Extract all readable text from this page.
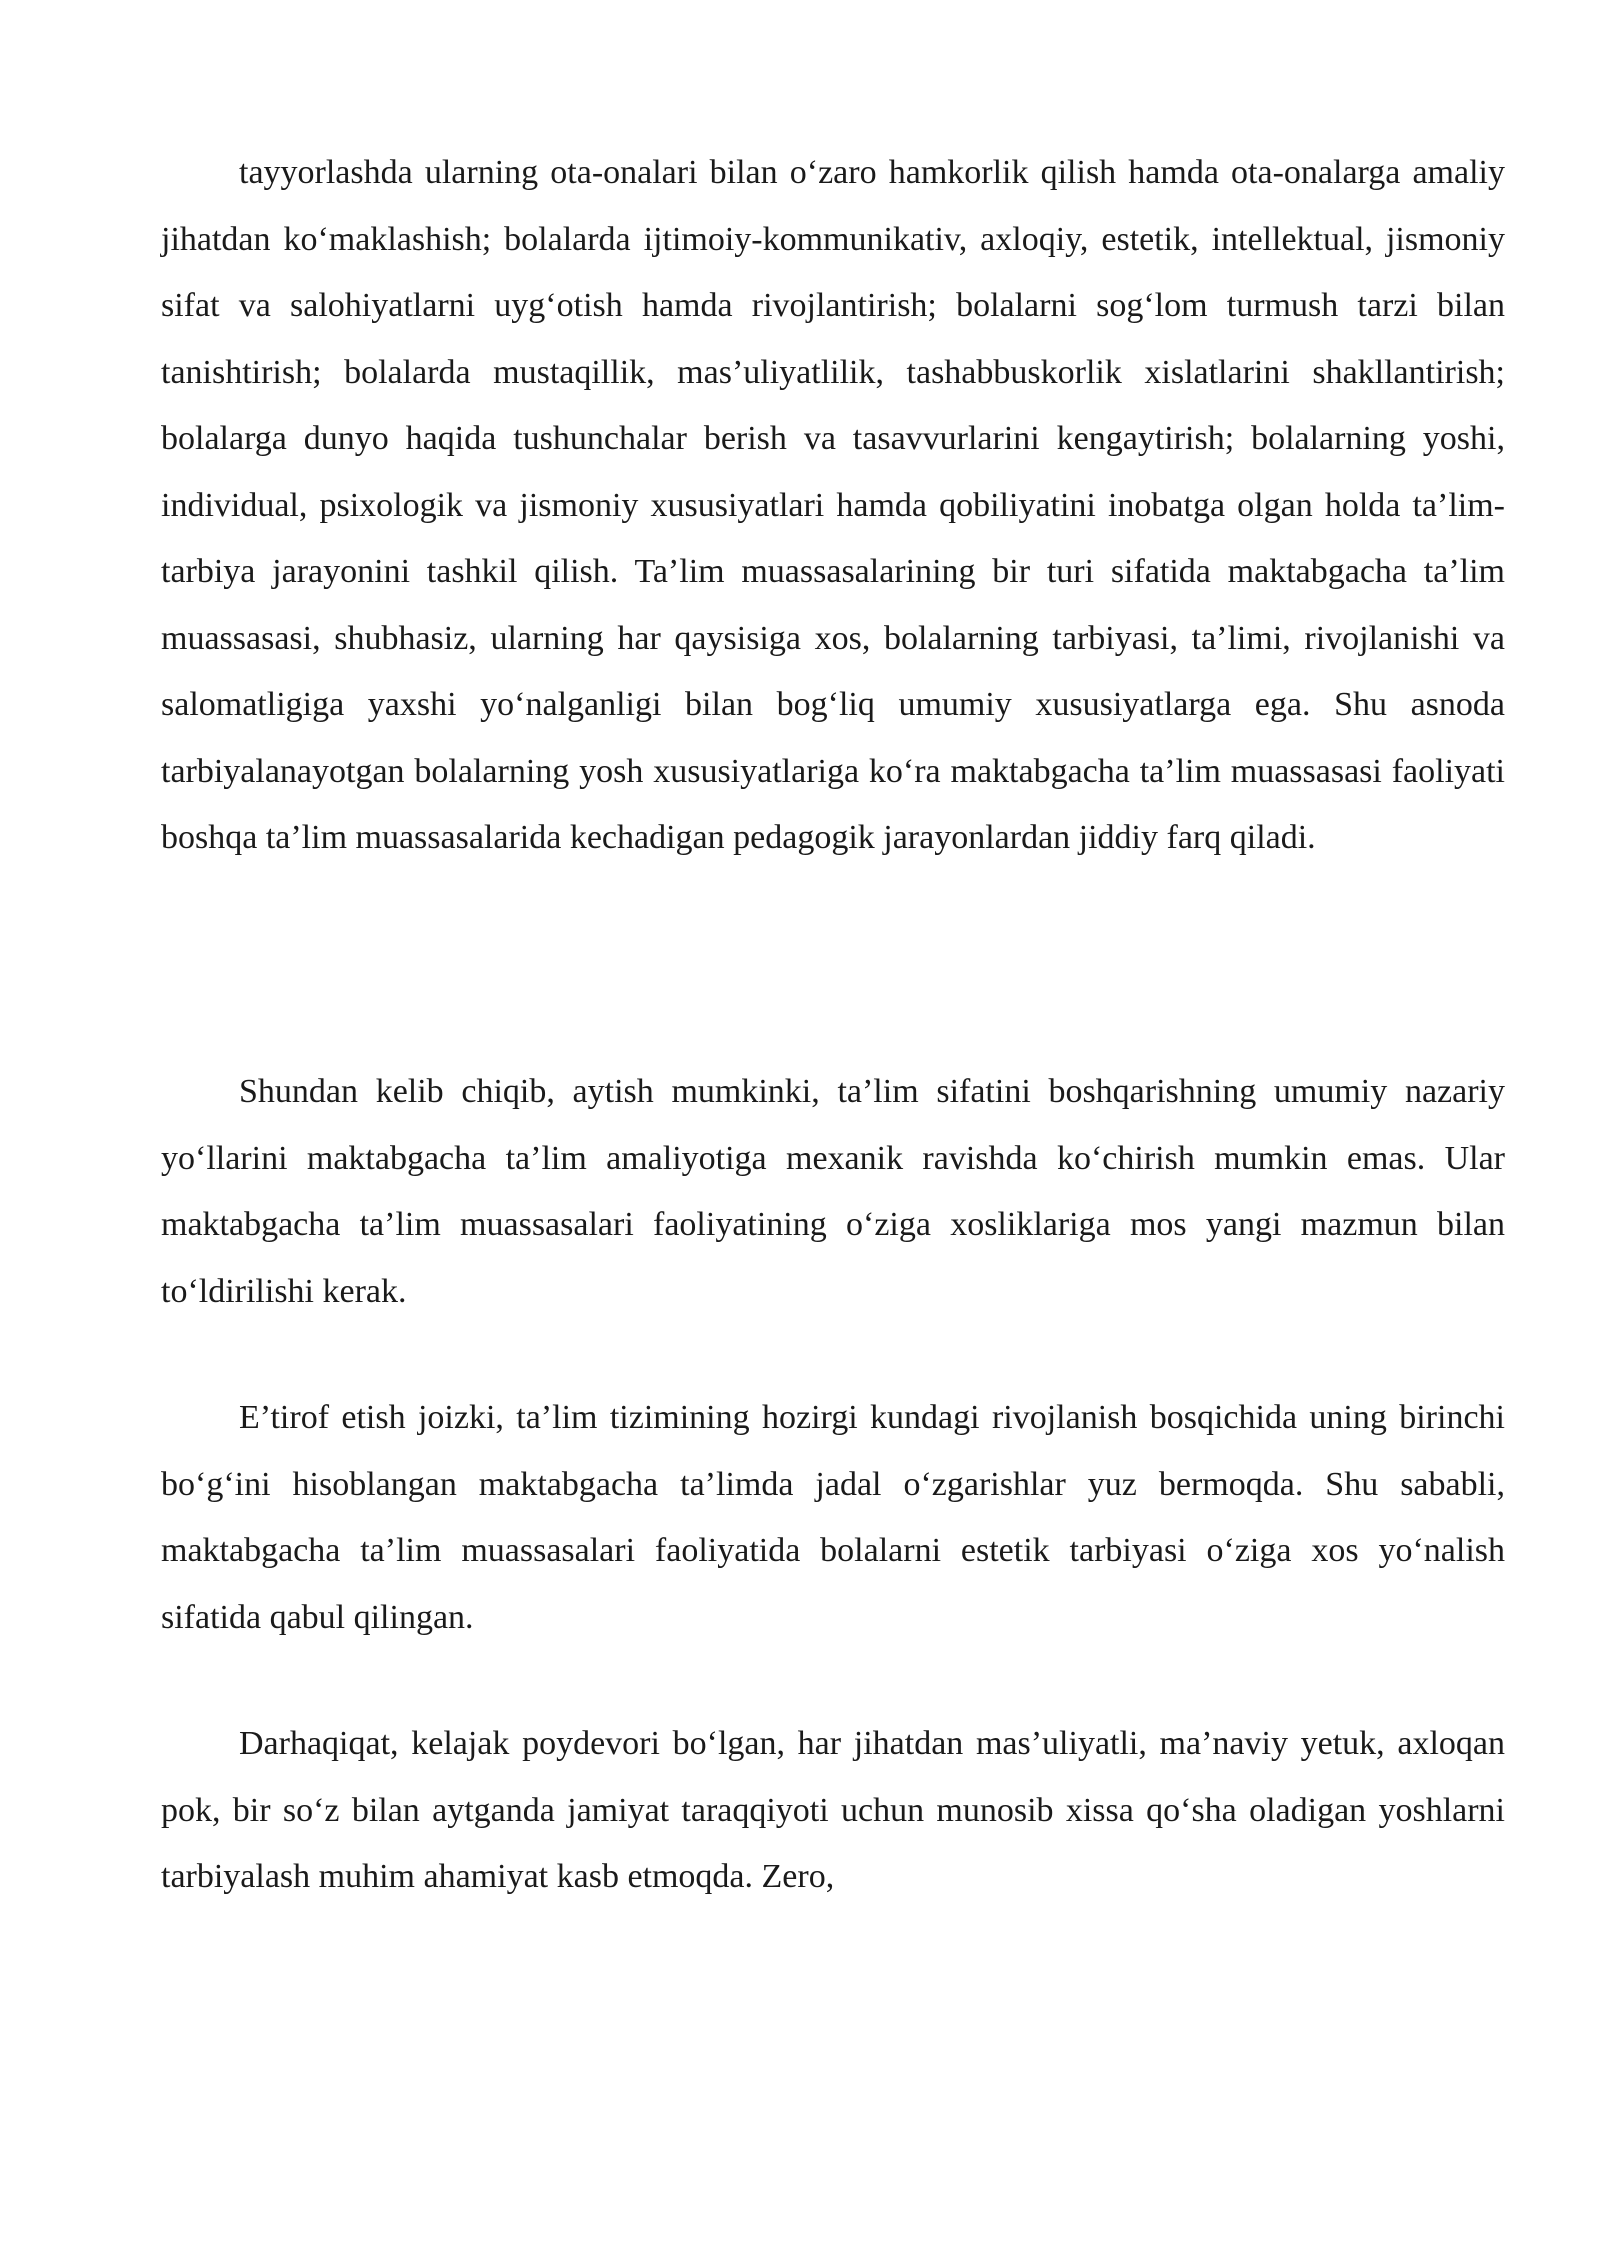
tayyorlashda ularning ota-onalari bilan o‘zaro hamkorlik qilish hamda ota-onalarga amaliy jihatdan ko‘maklashish; bolalarda ijtimoiy-kommunikativ, axloqiy, estetik, intellektual, jismoniy sifat va salohiyatlarni uyg‘otish hamda rivojlantirish; bolalarni sog‘lom turmush tarzi bilan tanishtirish; bolalarda mustaqillik, mas’uliyatlilik, tashabbuskorlik xislatlarini shakllantirish; bolalarga dunyo haqida tushunchalar berish va tasavvurlarini kengaytirish; bolalarning yoshi, individual, psixologik va jismoniy xususiyatlari hamda qobiliyatini inobatga olgan holda ta’lim-tarbiya jarayonini tashkil qilish. Ta’lim muassasalarining bir turi sifatida maktabgacha ta’lim muassasasi, shubhasiz, ularning har qaysisiga xos, bolalarning tarbiyasi, ta’limi, rivojlanishi va salomatligiga yaxshi yo‘nalganligi bilan bog‘liq umumiy xususiyatlarga ega. Shu asnoda tarbiyalanayotgan bolalarning yosh xususiyatlariga ko‘ra maktabgacha ta’lim muassasasi faoliyati boshqa ta’lim muassasalarida kechadigan pedagogik jarayonlardan jiddiy farq qiladi.

Shundan kelib chiqib, aytish mumkinki, ta’lim sifatini boshqarishning umumiy nazariy yo‘llarini maktabgacha ta’lim amaliyotiga mexanik ravishda ko‘chirish mumkin emas. Ular maktabgacha ta’lim muassasalari faoliyatining o‘ziga xosliklariga mos yangi mazmun bilan to‘ldirilishi kerak.

E’tirof etish joizki, ta’lim tizimining hozirgi kundagi rivojlanish bosqichida uning birinchi bo‘g‘ini hisoblangan maktabgacha ta’limda jadal o‘zgarishlar yuz bermoqda. Shu sababli, maktabgacha ta’lim muassasalari faoliyatida bolalarni estetik tarbiyasi o‘ziga xos yo‘nalish sifatida qabul qilingan.

Darhaqiqat, kelajak poydevori bo‘lgan, har jihatdan mas’uliyatli, ma’naviy yetuk, axloqan pok, bir so‘z bilan aytganda jamiyat taraqqiyoti uchun munosib xissa qo‘sha oladigan yoshlarni tarbiyalash muhim ahamiyat kasb etmoqda. Zero,
